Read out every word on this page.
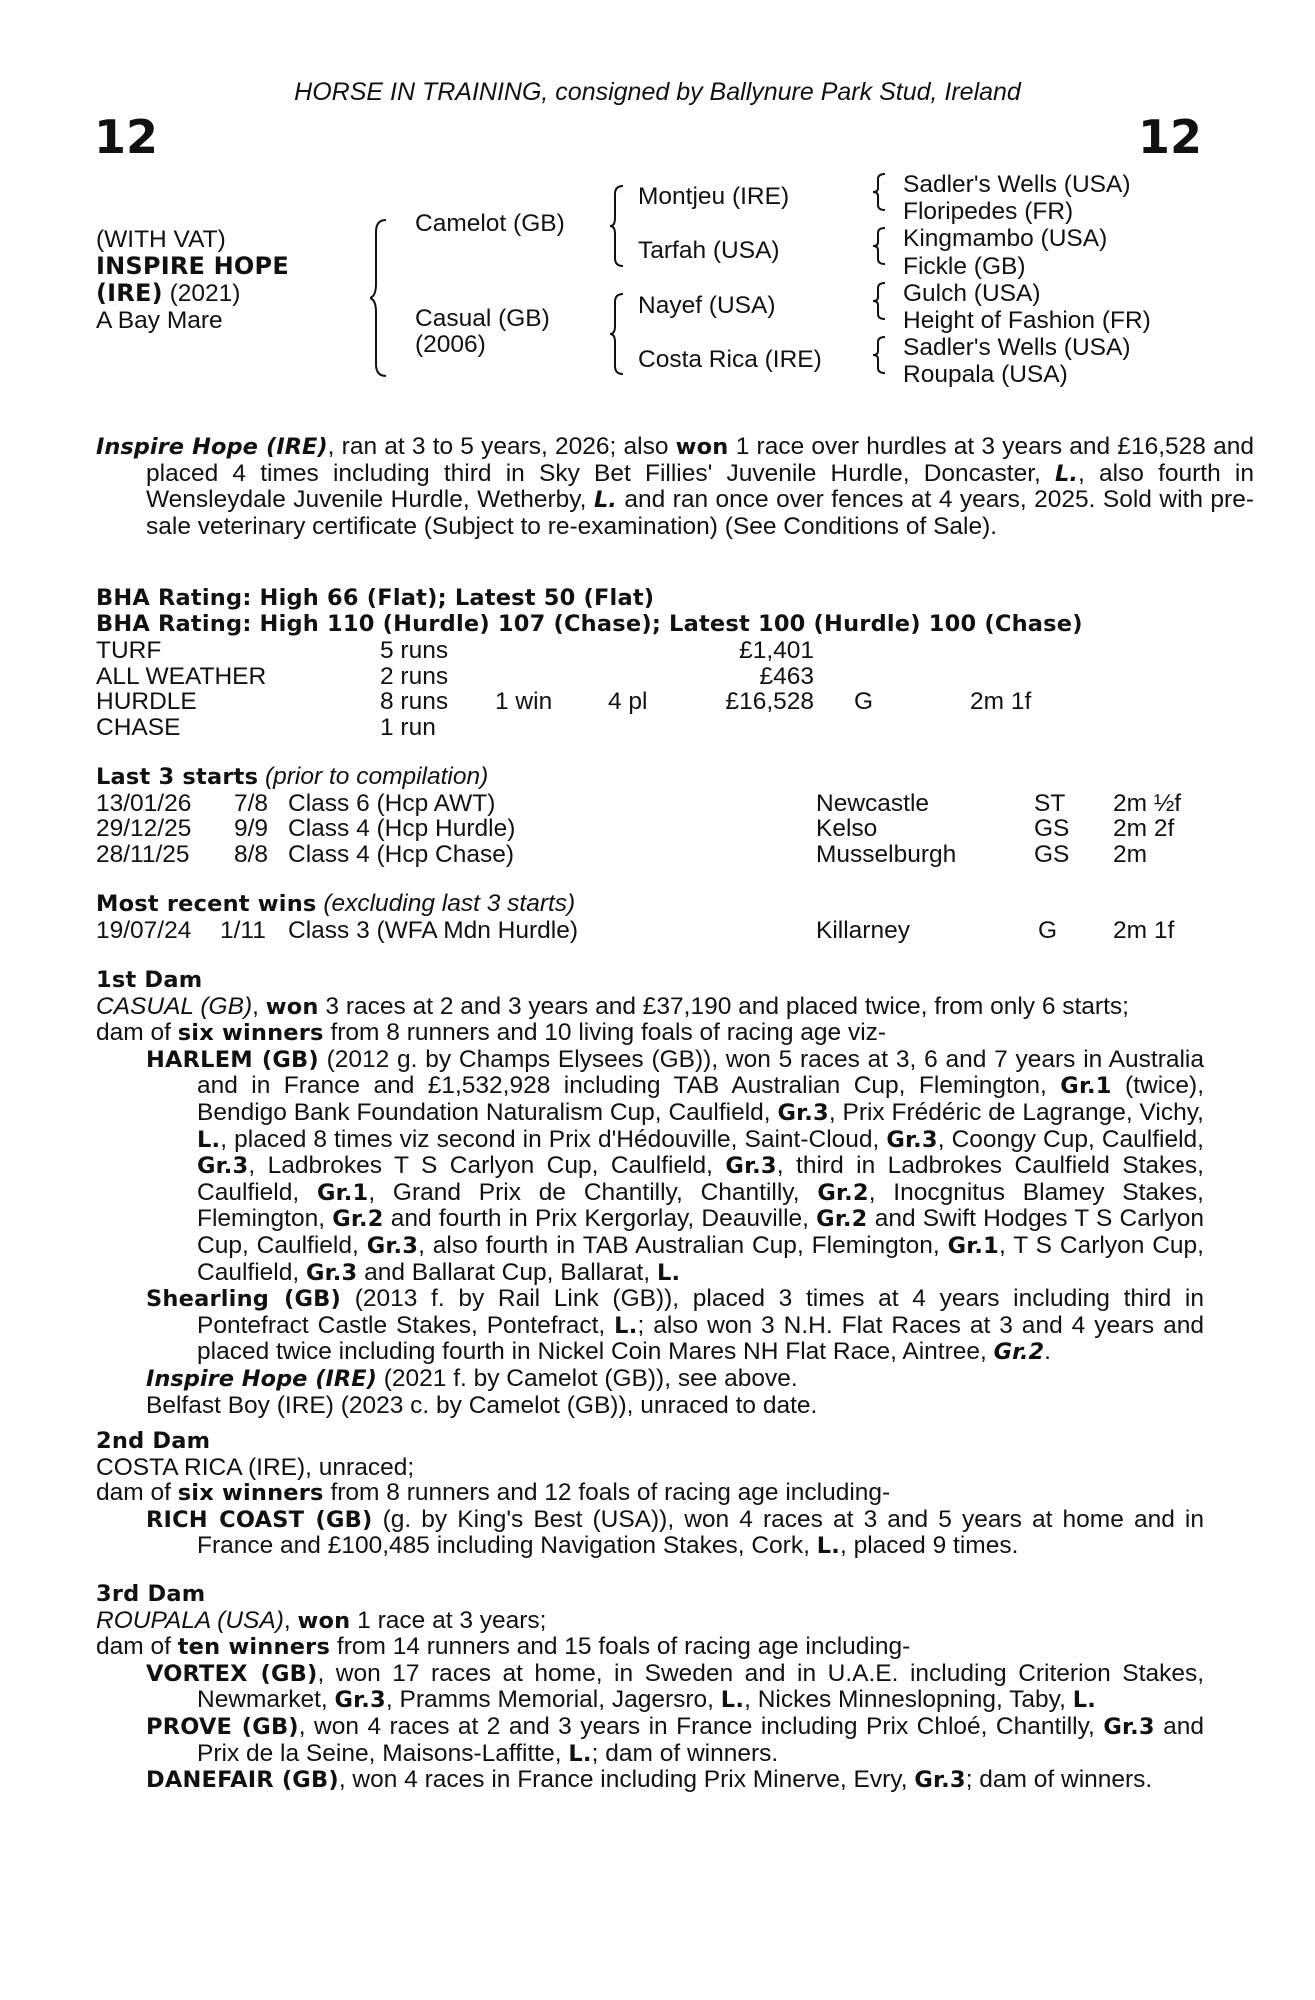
HORSE IN TRAINING, consigned by Ballynure Park Stud, Ireland
12	12
(WITH VAT)
INSPIRE HOPE
(IRE) (2021)
A Bay Mare
Camelot (GB)
Casual (GB)
(2006)
Montjeu (IRE)
Tarfah (USA)
Nayef (USA)
Costa Rica (IRE)
Sadler's Wells (USA)
Floripedes (FR)
Kingmambo (USA)
Fickle (GB)
Gulch (USA)
Height of Fashion (FR)
Sadler's Wells (USA)
Roupala (USA)
Inspire Hope (IRE), ran at 3 to 5 years, 2026; also won 1 race over hurdles at 3 years and £16,528 and placed 4 times including third in Sky Bet Fillies' Juvenile Hurdle, Doncaster, L., also fourth in Wensleydale Juvenile Hurdle, Wetherby, L. and ran once over fences at 4 years, 2025. Sold with pre-sale veterinary certificate (Subject to re-examination) (See Conditions of Sale).
BHA Rating: High 66 (Flat); Latest 50 (Flat)
BHA Rating: High 110 (Hurdle) 107 (Chase); Latest 100 (Hurdle) 100 (Chase)
TURF	5 runs	£1,401
ALL WEATHER	2 runs	£463
HURDLE	8 runs 1 win 4 pl	£16,528 G	2m 1f
CHASE	1 run
Last 3 starts (prior to compilation)
13/01/26 7/8 Class 6 (Hcp AWT)	Newcastle	ST 2m ½f
29/12/25 9/9 Class 4 (Hcp Hurdle)	Kelso	GS 2m 2f
28/11/25 8/8 Class 4 (Hcp Chase)	Musselburgh	GS 2m
Most recent wins (excluding last 3 starts)
19/07/24 1/11 Class 3 (WFA Mdn Hurdle)	Killarney	G 2m 1f
1st Dam
CASUAL (GB), won 3 races at 2 and 3 years and £37,190 and placed twice, from only 6 starts;
dam of six winners from 8 runners and 10 living foals of racing age viz-
HARLEM (GB) (2012 g. by Champs Elysees (GB)), won 5 races at 3, 6 and 7 years in Australia and in France and £1,532,928 including TAB Australian Cup, Flemington, Gr.1 (twice), Bendigo Bank Foundation Naturalism Cup, Caulfield, Gr.3, Prix Frédéric de Lagrange, Vichy, L., placed 8 times viz second in Prix d'Hédouville, Saint-Cloud, Gr.3, Coongy Cup, Caulfield, Gr.3, Ladbrokes T S Carlyon Cup, Caulfield, Gr.3, third in Ladbrokes Caulfield Stakes, Caulfield, Gr.1, Grand Prix de Chantilly, Chantilly, Gr.2, Inocgnitus Blamey Stakes, Flemington, Gr.2 and fourth in Prix Kergorlay, Deauville, Gr.2 and Swift Hodges T S Carlyon Cup, Caulfield, Gr.3, also fourth in TAB Australian Cup, Flemington, Gr.1, T S Carlyon Cup, Caulfield, Gr.3 and Ballarat Cup, Ballarat, L.
Shearling (GB) (2013 f. by Rail Link (GB)), placed 3 times at 4 years including third in Pontefract Castle Stakes, Pontefract, L.; also won 3 N.H. Flat Races at 3 and 4 years and placed twice including fourth in Nickel Coin Mares NH Flat Race, Aintree, Gr.2.
Inspire Hope (IRE) (2021 f. by Camelot (GB)), see above.
Belfast Boy (IRE) (2023 c. by Camelot (GB)), unraced to date.
2nd Dam
COSTA RICA (IRE), unraced;
dam of six winners from 8 runners and 12 foals of racing age including-
RICH COAST (GB) (g. by King's Best (USA)), won 4 races at 3 and 5 years at home and in France and £100,485 including Navigation Stakes, Cork, L., placed 9 times.
3rd Dam
ROUPALA (USA), won 1 race at 3 years;
dam of ten winners from 14 runners and 15 foals of racing age including-
VORTEX (GB), won 17 races at home, in Sweden and in U.A.E. including Criterion Stakes, Newmarket, Gr.3, Pramms Memorial, Jagersro, L., Nickes Minneslopning, Taby, L.
PROVE (GB), won 4 races at 2 and 3 years in France including Prix Chloé, Chantilly, Gr.3 and Prix de la Seine, Maisons-Laffitte, L.; dam of winners.
DANEFAIR (GB), won 4 races in France including Prix Minerve, Evry, Gr.3; dam of winners.
